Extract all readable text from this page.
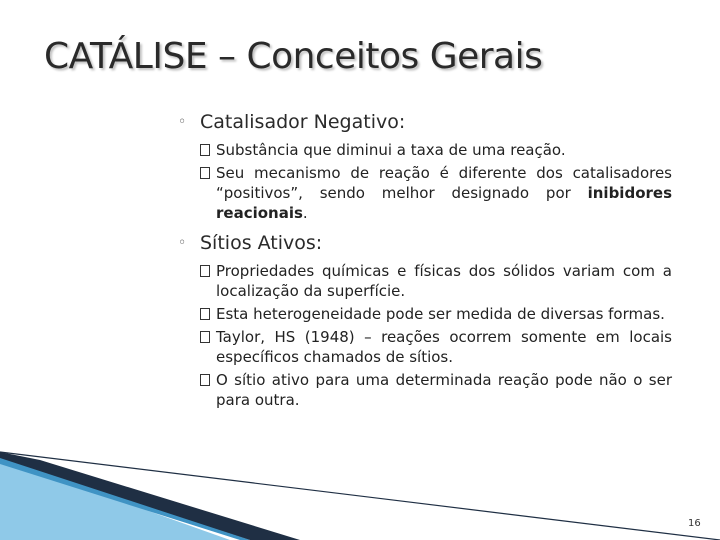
CATÁLISE – Conceitos Gerais

◦ Catalisador Negativo:

Substância que diminui a taxa de uma reação.

Seu mecanismo de reação é diferente dos catalisadores “positivos”, sendo melhor designado por inibidores reacionais.

◦ Sítios Ativos:

Propriedades químicas e físicas dos sólidos variam com a localização da superfície.

Esta heterogeneidade pode ser medida de diversas formas.

Taylor, HS (1948) – reações ocorrem somente em locais específicos chamados de sítios.

O sítio ativo para uma determinada reação pode não o ser para outra.

16
